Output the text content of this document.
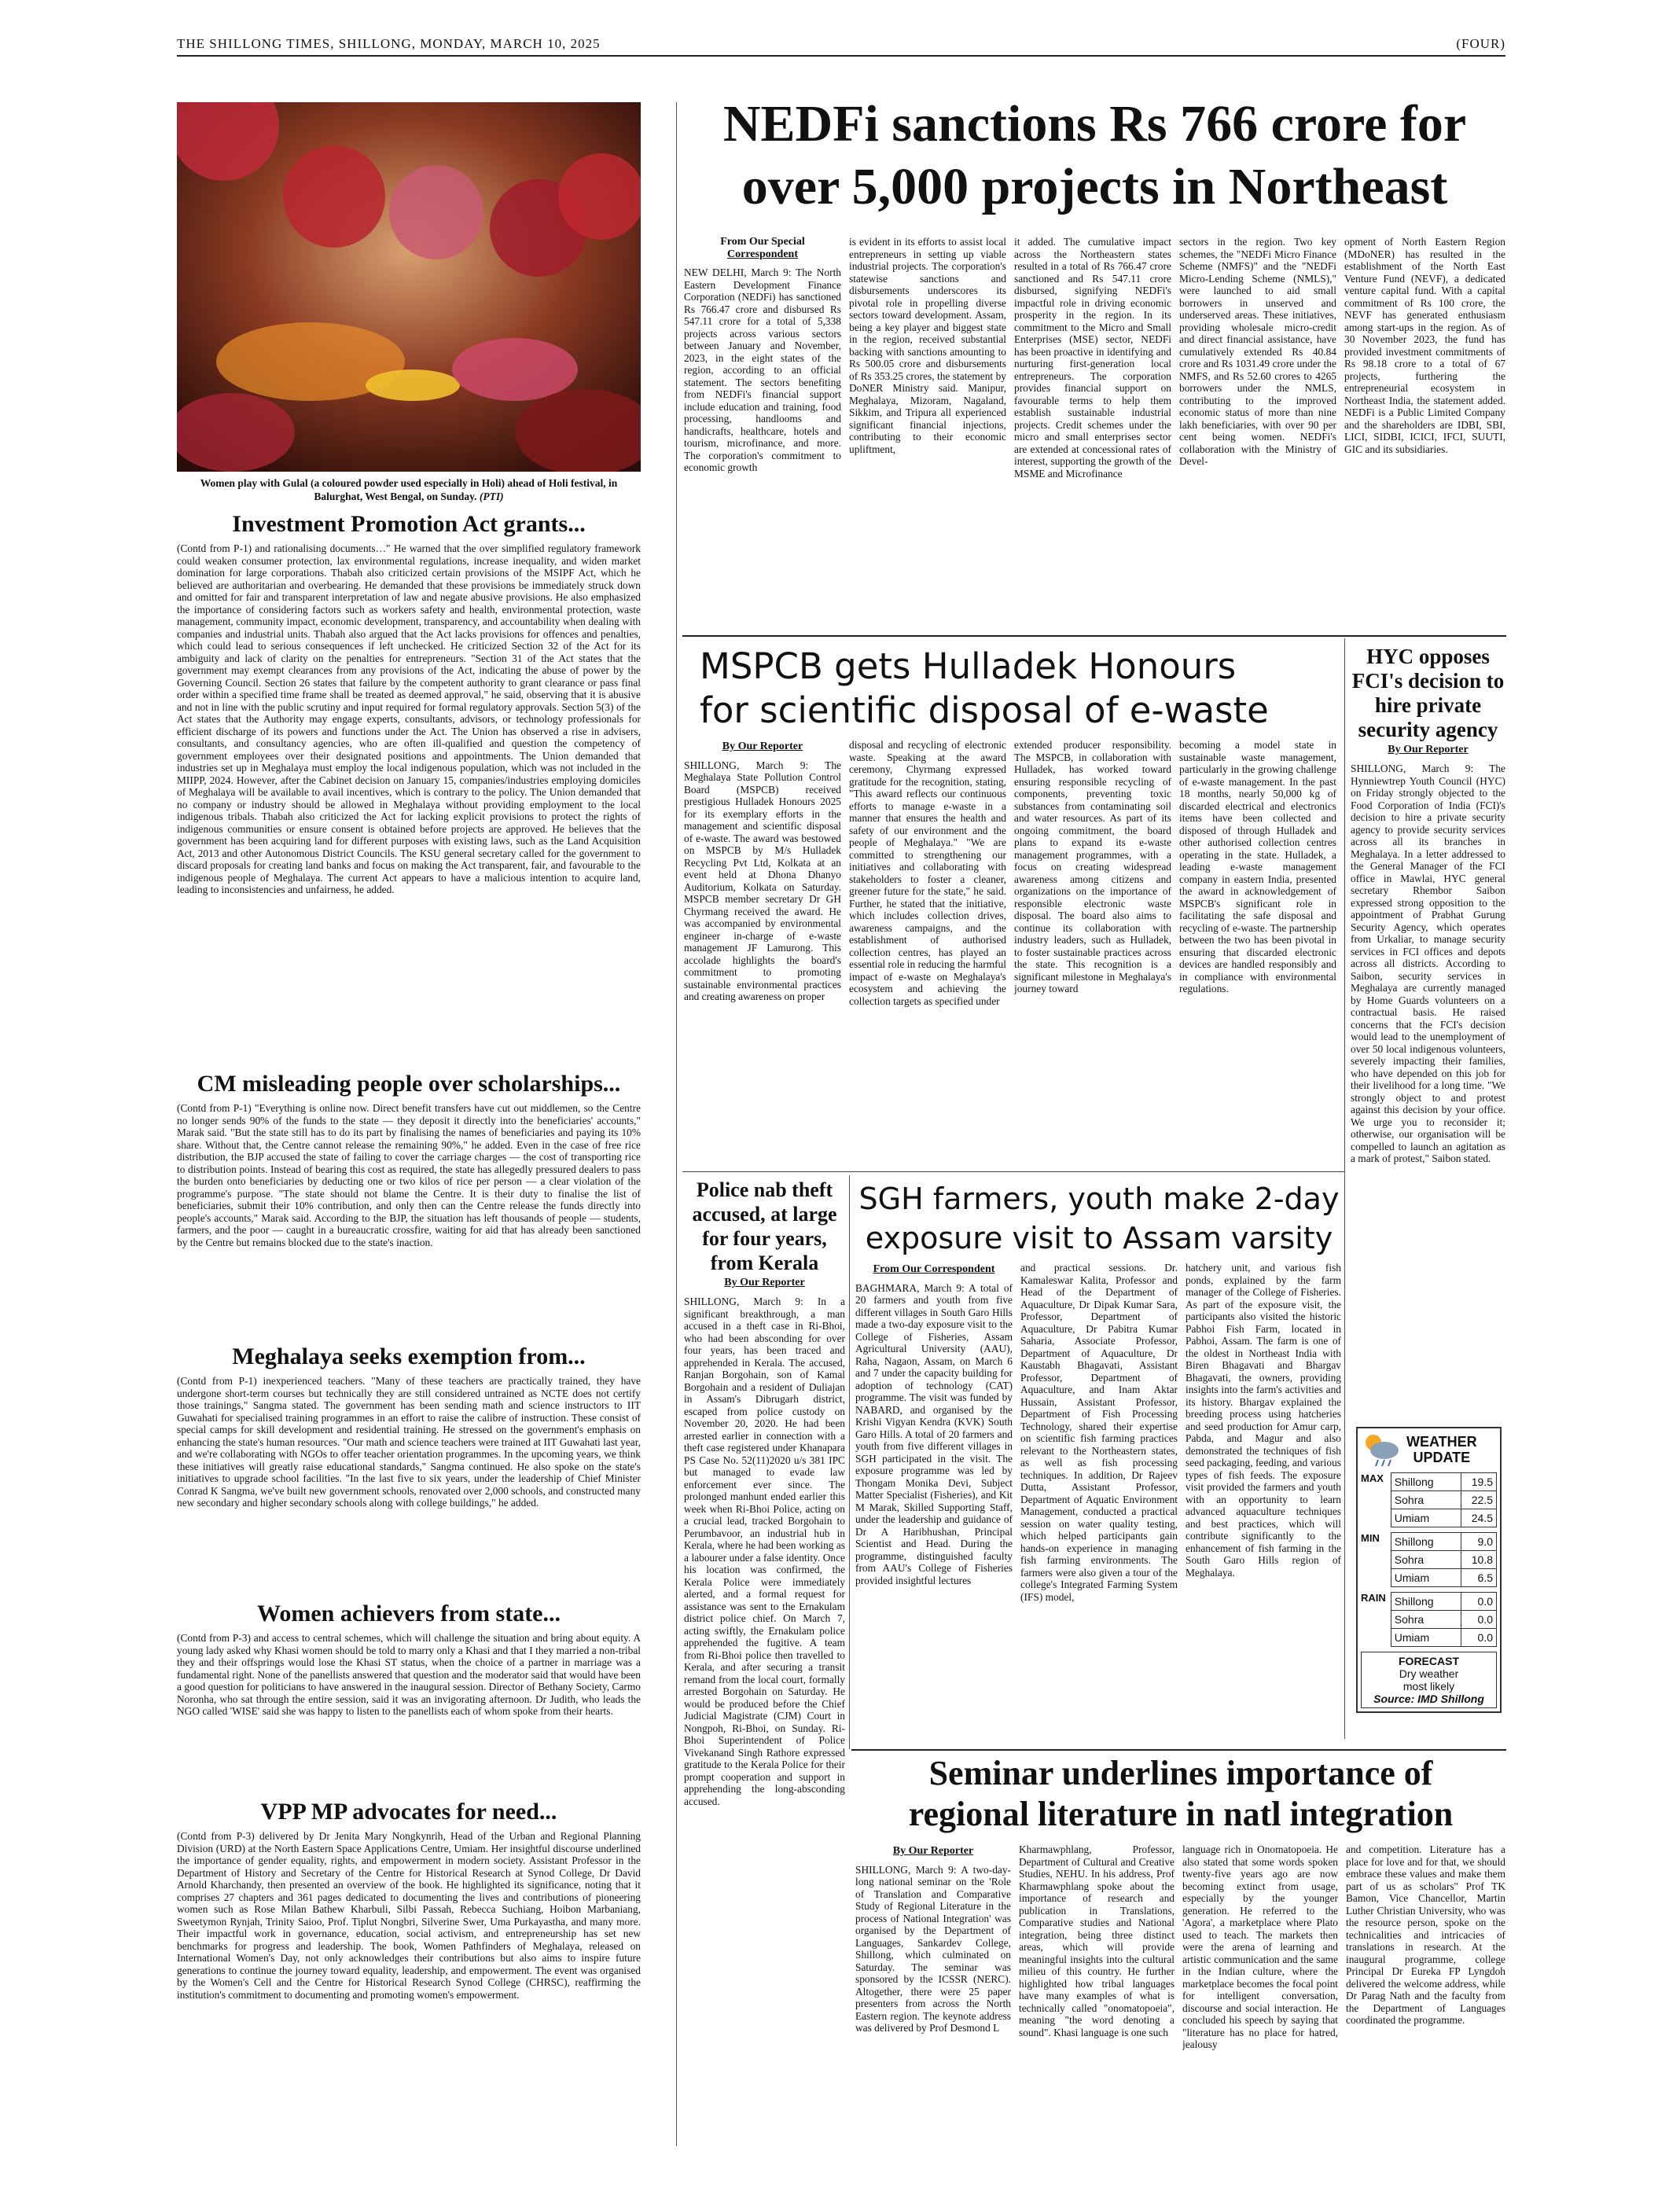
THE SHILLONG TIMES, SHILLONG, MONDAY, MARCH 10, 2025	(FOUR)
Women play with Gulal (a coloured powder used especially in Holi) ahead of Holi festival, in Balurghat, West Bengal, on Sunday. (PTI)
Investment Promotion Act grants...
(Contd from P-1) and rationalising documents…" He warned that the over simplified regulatory framework could weaken consumer protection, lax environmental regulations, increase inequality, and widen market domination for large corporations. Thabah also criticized certain provisions of the MSIPF Act, which he believed are authoritarian and overbearing. He demanded that these provisions be immediately struck down and omitted for fair and transparent interpretation of law and negate abusive provisions. He also emphasized the importance of considering factors such as workers safety and health, environmental protection, waste management, community impact, economic development, transparency, and accountability when dealing with companies and industrial units. Thabah also argued that the Act lacks provisions for offences and penalties, which could lead to serious consequences if left unchecked. He criticized Section 32 of the Act for its ambiguity and lack of clarity on the penalties for entrepreneurs. "Section 31 of the Act states that the government may exempt clearances from any provisions of the Act, indicating the abuse of power by the Governing Council. Section 26 states that failure by the competent authority to grant clearance or pass final order within a specified time frame shall be treated as deemed approval," he said, observing that it is abusive and not in line with the public scrutiny and input required for formal regulatory approvals. Section 5(3) of the Act states that the Authority may engage experts, consultants, advisors, or technology professionals for efficient discharge of its powers and functions under the Act. The Union has observed a rise in advisers, consultants, and consultancy agencies, who are often ill-qualified and question the competency of government employees over their designated positions and appointments. The Union demanded that industries set up in Meghalaya must employ the local indigenous population, which was not included in the MIIPP, 2024. However, after the Cabinet decision on January 15, companies/industries employing domiciles of Meghalaya will be available to avail incentives, which is contrary to the policy. The Union demanded that no company or industry should be allowed in Meghalaya without providing employment to the local indigenous tribals. Thabah also criticized the Act for lacking explicit provisions to protect the rights of indigenous communities or ensure consent is obtained before projects are approved. He believes that the government has been acquiring land for different purposes with existing laws, such as the Land Acquisition Act, 2013 and other Autonomous District Councils. The KSU general secretary called for the government to discard proposals for creating land banks and focus on making the Act transparent, fair, and favourable to the indigenous people of Meghalaya. The current Act appears to have a malicious intention to acquire land, leading to inconsistencies and unfairness, he added.
CM misleading people over scholarships...
(Contd from P-1) "Everything is online now. Direct benefit transfers have cut out middlemen, so the Centre no longer sends 90% of the funds to the state — they deposit it directly into the beneficiaries' accounts," Marak said. "But the state still has to do its part by finalising the names of beneficiaries and paying its 10% share. Without that, the Centre cannot release the remaining 90%," he added. Even in the case of free rice distribution, the BJP accused the state of failing to cover the carriage charges — the cost of transporting rice to distribution points. Instead of bearing this cost as required, the state has allegedly pressured dealers to pass the burden onto beneficiaries by deducting one or two kilos of rice per person — a clear violation of the programme's purpose. "The state should not blame the Centre. It is their duty to finalise the list of beneficiaries, submit their 10% contribution, and only then can the Centre release the funds directly into people's accounts," Marak said. According to the BJP, the situation has left thousands of people — students, farmers, and the poor — caught in a bureaucratic crossfire, waiting for aid that has already been sanctioned by the Centre but remains blocked due to the state's inaction.
Meghalaya seeks exemption from...
(Contd from P-1) inexperienced teachers. "Many of these teachers are practically trained, they have undergone short-term courses but technically they are still considered untrained as NCTE does not certify those trainings," Sangma stated. The government has been sending math and science instructors to IIT Guwahati for specialised training programmes in an effort to raise the calibre of instruction. These consist of special camps for skill development and residential training. He stressed on the government's emphasis on enhancing the state's human resources. "Our math and science teachers were trained at IIT Guwahati last year, and we're collaborating with NGOs to offer teacher orientation programmes. In the upcoming years, we think these initiatives will greatly raise educational standards," Sangma continued. He also spoke on the state's initiatives to upgrade school facilities. "In the last five to six years, under the leadership of Chief Minister Conrad K Sangma, we've built new government schools, renovated over 2,000 schools, and constructed many new secondary and higher secondary schools along with college buildings," he added.
Women achievers from state...
(Contd from P-3) and access to central schemes, which will challenge the situation and bring about equity. A young lady asked why Khasi women should be told to marry only a Khasi and that I they married a non-tribal they and their offsprings would lose the Khasi ST status, when the choice of a partner in marriage was a fundamental right. None of the panellists answered that question and the moderator said that would have been a good question for politicians to have answered in the inaugural session. Director of Bethany Society, Carmo Noronha, who sat through the entire session, said it was an invigorating afternoon. Dr Judith, who leads the NGO called 'WISE' said she was happy to listen to the panellists each of whom spoke from their hearts.
VPP MP advocates for need...
(Contd from P-3) delivered by Dr Jenita Mary Nongkynrih, Head of the Urban and Regional Planning Division (URD) at the North Eastern Space Applications Centre, Umiam. Her insightful discourse underlined the importance of gender equality, rights, and empowerment in modern society. Assistant Professor in the Department of History and Secretary of the Centre for Historical Research at Synod College, Dr David Arnold Kharchandy, then presented an overview of the book. He highlighted its significance, noting that it comprises 27 chapters and 361 pages dedicated to documenting the lives and contributions of pioneering women such as Rose Milan Bathew Kharbuli, Silbi Passah, Rebecca Suchiang, Hoibon Marbaniang, Sweetymon Rynjah, Trinity Saioo, Prof. Tiplut Nongbri, Silverine Swer, Uma Purkayastha, and many more. Their impactful work in governance, education, social activism, and entrepreneurship has set new benchmarks for progress and leadership. The book, Women Pathfinders of Meghalaya, released on International Women's Day, not only acknowledges their contributions but also aims to inspire future generations to continue the journey toward equality, leadership, and empowerment. The event was organised by the Women's Cell and the Centre for Historical Research Synod College (CHRSC), reaffirming the institution's commitment to documenting and promoting women's empowerment.
NEDFi sanctions Rs 766 crore for
over 5,000 projects in Northeast
From Our Special
Correspondent
NEW DELHI, March 9: The North Eastern Development Finance Corporation (NEDFi) has sanctioned Rs 766.47 crore and disbursed Rs 547.11 crore for a total of 5,338 projects across various sectors between January and November, 2023, in the eight states of the region, according to an official statement. The sectors benefiting from NEDFi's financial support include education and training, food processing, handlooms and handicrafts, healthcare, hotels and tourism, microfinance, and more. The corporation's commitment to economic growth
is evident in its efforts to assist local entrepreneurs in setting up viable industrial projects. The corporation's statewise sanctions and disbursements underscores its pivotal role in propelling diverse sectors toward development. Assam, being a key player and biggest state in the region, received substantial backing with sanctions amounting to Rs 500.05 crore and disbursements of Rs 353.25 crores, the statement by DoNER Ministry said. Manipur, Meghalaya, Mizoram, Nagaland, Sikkim, and Tripura all experienced significant financial injections, contributing to their economic upliftment,
it added. The cumulative impact across the Northeastern states resulted in a total of Rs 766.47 crore sanctioned and Rs 547.11 crore disbursed, signifying NEDFi's impactful role in driving economic prosperity in the region. In its commitment to the Micro and Small Enterprises (MSE) sector, NEDFi has been proactive in identifying and nurturing first-generation local entrepreneurs. The corporation provides financial support on favourable terms to help them establish sustainable industrial projects. Credit schemes under the micro and small enterprises sector are extended at concessional rates of interest, supporting the growth of the MSME and Microfinance
sectors in the region. Two key schemes, the "NEDFi Micro Finance Scheme (NMFS)" and the "NEDFi Micro-Lending Scheme (NMLS)," were launched to aid small borrowers in unserved and underserved areas. These initiatives, providing wholesale micro-credit and direct financial assistance, have cumulatively extended Rs 40.84 crore and Rs 1031.49 crore under the NMFS, and Rs 52.60 crores to 4265 borrowers under the NMLS, contributing to the improved economic status of more than nine lakh beneficiaries, with over 90 per cent being women. NEDFi's collaboration with the Ministry of Devel-
opment of North Eastern Region (MDoNER) has resulted in the establishment of the North East Venture Fund (NEVF), a dedicated venture capital fund. With a capital commitment of Rs 100 crore, the NEVF has generated enthusiasm among start-ups in the region. As of 30 November 2023, the fund has provided investment commitments of Rs 98.18 crore to a total of 67 projects, furthering the entrepreneurial ecosystem in Northeast India, the statement added. NEDFi is a Public Limited Company and the shareholders are IDBI, SBI, LICI, SIDBI, ICICI, IFCI, SUUTI, GIC and its subsidiaries.
MSPCB gets Hulladek Honours
for scientific disposal of e-waste
By Our Reporter
SHILLONG, March 9: The Meghalaya State Pollution Control Board (MSPCB) received prestigious Hulladek Honours 2025 for its exemplary efforts in the management and scientific disposal of e-waste. The award was bestowed on MSPCB by M/s Hulladek Recycling Pvt Ltd, Kolkata at an event held at Dhona Dhanyo Auditorium, Kolkata on Saturday. MSPCB member secretary Dr GH Chyrmang received the award. He was accompanied by environmental engineer in-charge of e-waste management JF Lamurong. This accolade highlights the board's commitment to promoting sustainable environmental practices and creating awareness on proper
disposal and recycling of electronic waste. Speaking at the award ceremony, Chyrmang expressed gratitude for the recognition, stating, "This award reflects our continuous efforts to manage e-waste in a manner that ensures the health and safety of our environment and the people of Meghalaya." "We are committed to strengthening our initiatives and collaborating with stakeholders to foster a cleaner, greener future for the state," he said. Further, he stated that the initiative, which includes collection drives, awareness campaigns, and the establishment of authorised collection centres, has played an essential role in reducing the harmful impact of e-waste on Meghalaya's ecosystem and achieving the collection targets as specified under
extended producer responsibility. The MSPCB, in collaboration with Hulladek, has worked toward ensuring responsible recycling of components, preventing toxic substances from contaminating soil and water resources. As part of its ongoing commitment, the board plans to expand its e-waste management programmes, with a focus on creating widespread awareness among citizens and organizations on the importance of responsible electronic waste disposal. The board also aims to continue its collaboration with industry leaders, such as Hulladek, to foster sustainable practices across the state. This recognition is a significant milestone in Meghalaya's journey toward
becoming a model state in sustainable waste management, particularly in the growing challenge of e-waste management. In the past 18 months, nearly 50,000 kg of discarded electrical and electronics items have been collected and disposed of through Hulladek and other authorised collection centres operating in the state. Hulladek, a leading e-waste management company in eastern India, presented the award in acknowledgement of MSPCB's significant role in facilitating the safe disposal and recycling of e-waste. The partnership between the two has been pivotal in ensuring that discarded electronic devices are handled responsibly and in compliance with environmental regulations.
HYC opposes FCI's decision to hire private security agency
By Our Reporter
SHILLONG, March 9: The Hynniewtrep Youth Council (HYC) on Friday strongly objected to the Food Corporation of India (FCI)'s decision to hire a private security agency to provide security services across all its branches in Meghalaya. In a letter addressed to the General Manager of the FCI office in Mawlai, HYC general secretary Rhembor Saibon expressed strong opposition to the appointment of Prabhat Gurung Security Agency, which operates from Urkaliar, to manage security services in FCI offices and depots across all districts. According to Saibon, security services in Meghalaya are currently managed by Home Guards volunteers on a contractual basis. He raised concerns that the FCI's decision would lead to the unemployment of over 50 local indigenous volunteers, severely impacting their families, who have depended on this job for their livelihood for a long time. "We strongly object to and protest against this decision by your office. We urge you to reconsider it; otherwise, our organisation will be compelled to launch an agitation as a mark of protest," Saibon stated.
Police nab theft accused, at large for four years, from Kerala
By Our Reporter
SHILLONG, March 9: In a significant breakthrough, a man accused in a theft case in Ri-Bhoi, who had been absconding for over four years, has been traced and apprehended in Kerala. The accused, Ranjan Borgohain, son of Kamal Borgohain and a resident of Duliajan in Assam's Dibrugarh district, escaped from police custody on November 20, 2020. He had been arrested earlier in connection with a theft case registered under Khanapara PS Case No. 52(11)2020 u/s 381 IPC but managed to evade law enforcement ever since. The prolonged manhunt ended earlier this week when Ri-Bhoi Police, acting on a crucial lead, tracked Borgohain to Perumbavoor, an industrial hub in Kerala, where he had been working as a labourer under a false identity. Once his location was confirmed, the Kerala Police were immediately alerted, and a formal request for assistance was sent to the Ernakulam district police chief. On March 7, acting swiftly, the Ernakulam police apprehended the fugitive. A team from Ri-Bhoi police then travelled to Kerala, and after securing a transit remand from the local court, formally arrested Borgohain on Saturday. He would be produced before the Chief Judicial Magistrate (CJM) Court in Nongpoh, Ri-Bhoi, on Sunday. Ri-Bhoi Superintendent of Police Vivekanand Singh Rathore expressed gratitude to the Kerala Police for their prompt cooperation and support in apprehending the long-absconding accused.
SGH farmers, youth make 2-day
exposure visit to Assam varsity
From Our Correspondent
BAGHMARA, March 9: A total of 20 farmers and youth from five different villages in South Garo Hills made a two-day exposure visit to the College of Fisheries, Assam Agricultural University (AAU), Raha, Nagaon, Assam, on March 6 and 7 under the capacity building for adoption of technology (CAT) programme. The visit was funded by NABARD, and organised by the Krishi Vigyan Kendra (KVK) South Garo Hills. A total of 20 farmers and youth from five different villages in SGH participated in the visit. The exposure programme was led by Thongam Monika Devi, Subject Matter Specialist (Fisheries), and Kit M Marak, Skilled Supporting Staff, under the leadership and guidance of Dr A Haribhushan, Principal Scientist and Head. During the programme, distinguished faculty from AAU's College of Fisheries provided insightful lectures
and practical sessions. Dr. Kamaleswar Kalita, Professor and Head of the Department of Aquaculture, Dr Dipak Kumar Sara, Professor, Department of Aquaculture, Dr Pabitra Kumar Saharia, Associate Professor, Department of Aquaculture, Dr Kaustabh Bhagavati, Assistant Professor, Department of Aquaculture, and Inam Aktar Hussain, Assistant Professor, Department of Fish Processing Technology, shared their expertise on scientific fish farming practices relevant to the Northeastern states, as well as fish processing techniques. In addition, Dr Rajeev Dutta, Assistant Professor, Department of Aquatic Environment Management, conducted a practical session on water quality testing, which helped participants gain hands-on experience in managing fish farming environments. The farmers were also given a tour of the college's Integrated Farming System (IFS) model,
hatchery unit, and various fish ponds, explained by the farm manager of the College of Fisheries. As part of the exposure visit, the participants also visited the historic Pabhoi Fish Farm, located in Pabhoi, Assam. The farm is one of the oldest in Northeast India with Biren Bhagavati and Bhargav Bhagavati, the owners, providing insights into the farm's activities and its history. Bhargav explained the breeding process using hatcheries and seed production for Amur carp, Pabda, and Magur and also demonstrated the techniques of fish seed packaging, feeding, and various types of fish feeds. The exposure visit provided the farmers and youth with an opportunity to learn advanced aquaculture techniques and best practices, which will contribute significantly to the enhancement of fish farming in the South Garo Hills region of Meghalaya.
WEATHER
UPDATE
MAX Shillong	19.5
Sohra	22.5
Umiam	24.5
MIN	Shillong	9.0
Sohra	10.8
Umiam	6.5
RAIN Shillong	0.0
Sohra	0.0
Umiam	0.0
FORECAST
Dry weather
most likely
Source: IMD Shillong
Seminar underlines importance of
regional literature in natl integration
By Our Reporter
SHILLONG, March 9: A two-day-long national seminar on the 'Role of Translation and Comparative Study of Regional Literature in the process of National Integration' was organised by the Department of Languages, Sankardev College, Shillong, which culminated on Saturday. The seminar was sponsored by the ICSSR (NERC). Altogether, there were 25 paper presenters from across the North Eastern region. The keynote address was delivered by Prof Desmond L
Kharmawphlang, Professor, Department of Cultural and Creative Studies, NEHU. In his address, Prof Kharmawphlang spoke about the importance of research and publication in Translations, Comparative studies and National integration, being three distinct areas, which will provide meaningful insights into the cultural milieu of this country. He further highlighted how tribal languages have many examples of what is technically called "onomatopoeia", meaning "the word denoting a sound". Khasi language is one such
language rich in Onomatopoeia. He also stated that some words spoken twenty-five years ago are now becoming extinct from usage, especially by the younger generation. He referred to the 'Agora', a marketplace where Plato used to teach. The markets then were the arena of learning and artistic communication and the same in the Indian culture, where the marketplace becomes the focal point for intelligent conversation, discourse and social interaction. He concluded his speech by saying that "literature has no place for hatred, jealousy
and competition. Literature has a place for love and for that, we should embrace these values and make them part of us as scholars" Prof TK Bamon, Vice Chancellor, Martin Luther Christian University, who was the resource person, spoke on the technicalities and intricacies of translations in research. At the inaugural programme, college Principal Dr Eureka FP Lyngdoh delivered the welcome address, while Dr Parag Nath and the faculty from the Department of Languages coordinated the programme.
